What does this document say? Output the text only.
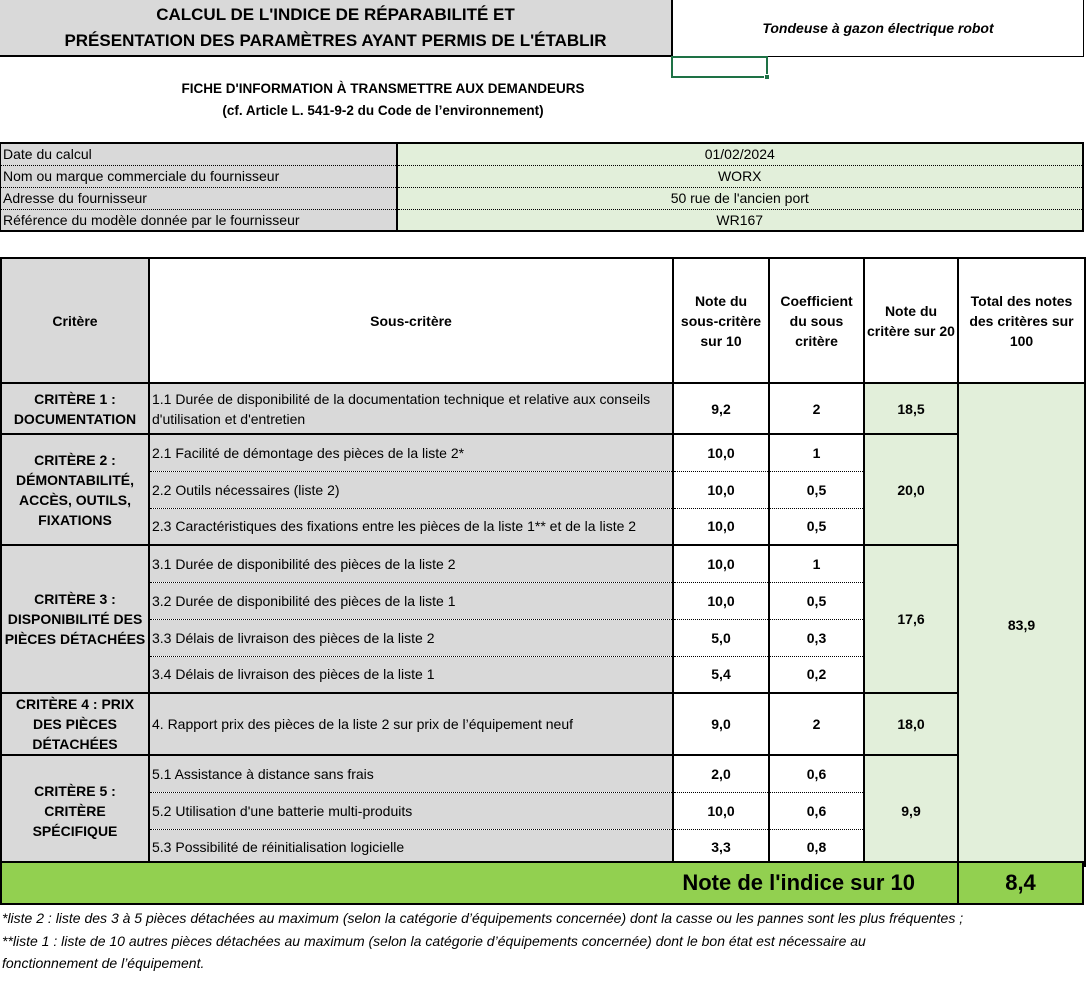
CALCUL DE L'INDICE DE RÉPARABILITÉ ET
PRÉSENTATION DES PARAMÈTRES AYANT PERMIS DE L'ÉTABLIR
Tondeuse à gazon électrique robot
FICHE D'INFORMATION À TRANSMETTRE AUX DEMANDEURS
(cf. Article L. 541-9-2 du Code de l’environnement)
Date du calcul	01/02/2024
Nom ou marque commerciale du fournisseur	WORX
Adresse du fournisseur	50 rue de l'ancien port
Référence du modèle donnée par le fournisseur	WR167
Critère	Sous-critère	Note du sous-critère sur 10	Coefficient du sous critère	Note du critère sur 20	Total des notes des critères sur 100
CRITÈRE 1 : DOCUMENTATION	1.1 Durée de disponibilité de la documentation technique et relative aux conseils d'utilisation et d'entretien	9,2	2	18,5	83,9
CRITÈRE 2 : DÉMONTABILITÉ, ACCÈS, OUTILS, FIXATIONS	2.1 Facilité de démontage des pièces de la liste 2*	10,0	1	20,0	
	2.2 Outils nécessaires (liste 2)	10,0	0,5		
	2.3 Caractéristiques des fixations entre les pièces de la liste 1** et de la liste 2	10,0	0,5		
CRITÈRE 3 : DISPONIBILITÉ DES PIÈCES DÉTACHÉES	3.1 Durée de disponibilité des pièces de la liste 2	10,0	1	17,6	
	3.2 Durée de disponibilité des pièces de la liste 1	10,0	0,5		
	3.3 Délais de livraison des pièces de la liste 2	5,0	0,3		
	3.4 Délais de livraison des pièces de la liste 1	5,4	0,2		
CRITÈRE 4 : PRIX DES PIÈCES DÉTACHÉES	4. Rapport prix des pièces de la liste 2 sur prix de l’équipement neuf	9,0	2	18,0	
CRITÈRE 5 : CRITÈRE SPÉCIFIQUE	5.1 Assistance à distance sans frais	2,0	0,6	9,9	
	5.2 Utilisation d'une batterie multi-produits	10,0	0,6		
	5.3 Possibilité de réinitialisation logicielle	3,3	0,8		
Note de l'indice sur 10	8,4

*liste 2 : liste des 3 à 5 pièces détachées au maximum (selon la catégorie d’équipements concernée) dont la casse ou les pannes sont les plus fréquentes ;

**liste 1 : liste de 10 autres pièces détachées au maximum (selon la catégorie d’équipements concernée) dont le bon état est nécessaire au

fonctionnement de l’équipement.
